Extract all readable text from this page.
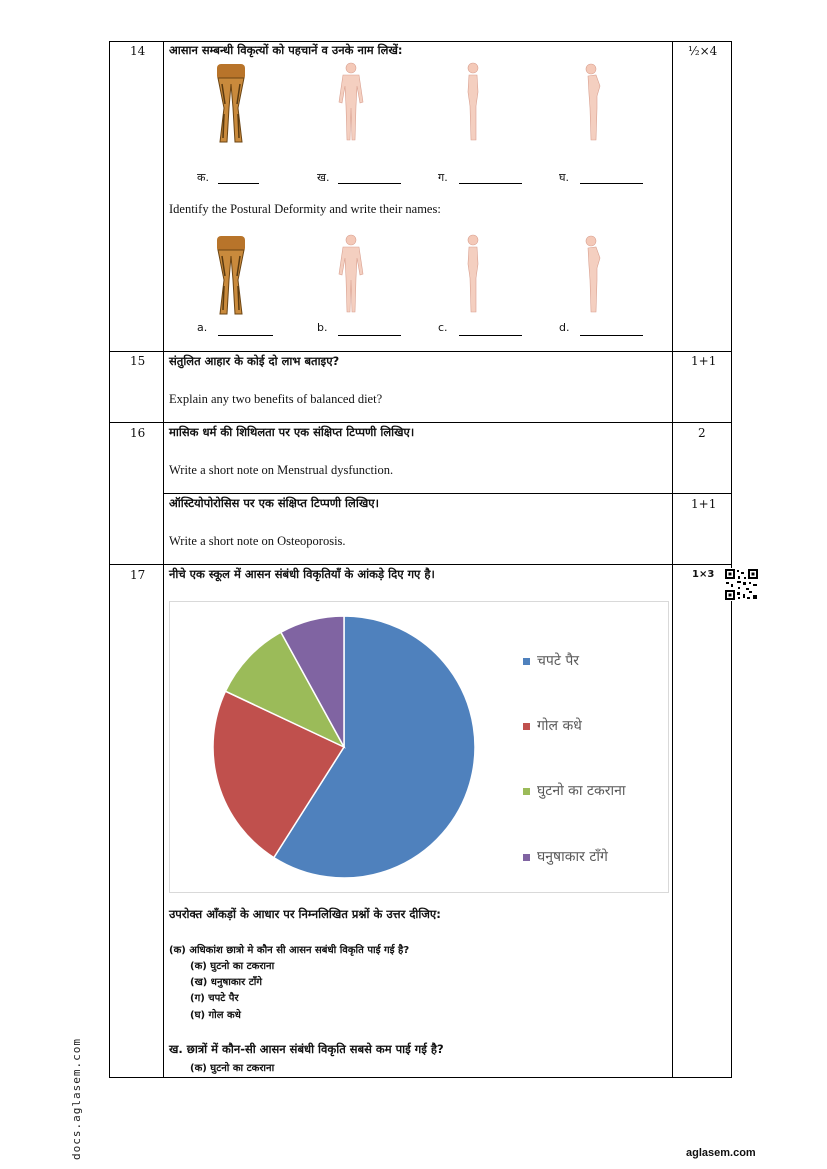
14	½×4
आसान सम्बन्धी विकृत्यों को पहचानें व उनके नाम लिखें:
क.	ख.	ग.	घ.
Identify the Postural Deformity and write their names:
a.	b.	c.	d.
15	1+1
संतुलित आहार के कोई दो लाभ बताइए?
Explain any two benefits of balanced diet?
16	2
मासिक धर्म की शिथिलता पर एक संक्षिप्त टिप्पणी लिखिए।
Write a short note on Menstrual dysfunction.
1+1
ऑस्टियोपोरोसिस पर एक संक्षिप्त टिप्पणी लिखिए।
Write a short note on Osteoporosis.
17	1×3
नीचे एक स्कूल में आसन संबंधी विकृतियाँ के आंकड़े दिए गए है।
चपटे पैर
गोल कधे
घुटनो का टकराना
घनुषाकार टाँगे
उपरोक्त आँकड़ों के आधार पर निम्नलिखित प्रश्नों के उत्तर दीजिए:
(क) अधिकांश छात्रो मे कौन सी आसन सबंधी विकृति पाई गई है?
(क) घुटनो का टकराना
(ख) धनुषाकार टाँगे
(ग) चपटे पैर
(घ) गोल कधे
ख. छात्रों में कौन-सी आसन संबंधी विकृति सबसे कम पाई गई है?
(क) घुटनो का टकराना
docs.aglasem.com	aglasem.com
